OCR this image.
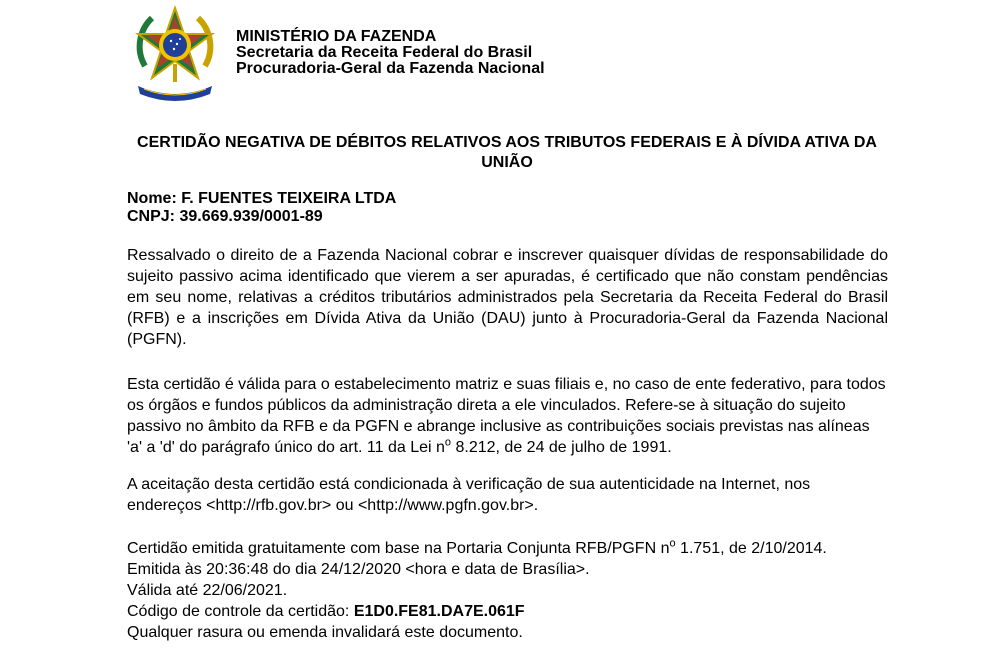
MINISTÉRIO DA FAZENDA
Secretaria da Receita Federal do Brasil
Procuradoria-Geral da Fazenda Nacional
CERTIDÃO NEGATIVA DE DÉBITOS RELATIVOS AOS TRIBUTOS FEDERAIS E À DÍVIDA ATIVA DA UNIÃO
Nome: F. FUENTES TEIXEIRA LTDA
CNPJ: 39.669.939/0001-89

Ressalvado o direito de a Fazenda Nacional cobrar e inscrever quaisquer dívidas de responsabilidade do sujeito passivo acima identificado que vierem a ser apuradas, é certificado que não constam pendências em seu nome, relativas a créditos tributários administrados pela Secretaria da Receita Federal do Brasil (RFB) e a inscrições em Dívida Ativa da União (DAU) junto à Procuradoria-Geral da Fazenda Nacional (PGFN).

Esta certidão é válida para o estabelecimento matriz e suas filiais e, no caso de ente federativo, para todos os órgãos e fundos públicos da administração direta a ele vinculados. Refere-se à situação do sujeito passivo no âmbito da RFB e da PGFN e abrange inclusive as contribuições sociais previstas nas alíneas 'a' a 'd' do parágrafo único do art. 11 da Lei $n^o$ 8.212, de 24 de julho de 1991.

A aceitação desta certidão está condicionada à verificação de sua autenticidade na Internet, nos endereços <http://rfb.gov.br> ou <http://www.pgfn.gov.br>.

Certidão emitida gratuitamente com base na Portaria Conjunta RFB/PGFN $n^o$ 1.751, de 2/10/2014.
Emitida às 20:36:48 do dia 24/12/2020 <hora e data de Brasília>.
Válida até 22/06/2021.
Código de controle da certidão: E1D0.FE81.DA7E.061F
Qualquer rasura ou emenda invalidará este documento.
